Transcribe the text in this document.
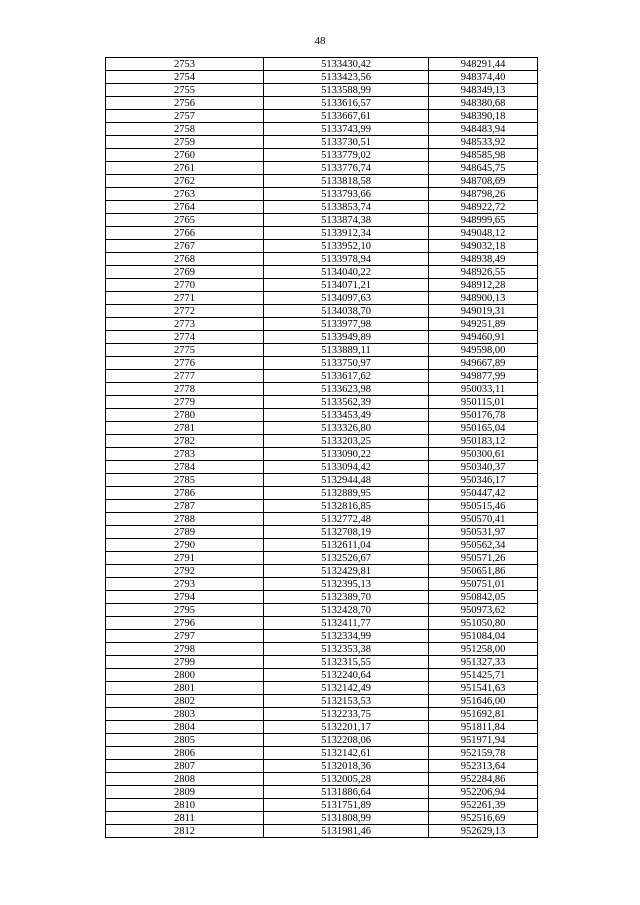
48
2753	5133430,42	948291,44
2754	5133423,56	948374,40
2755	5133588,99	948349,13
2756	5133616,57	948380,68
2757	5133667,61	948390,18
2758	5133743,99	948483,94
2759	5133730,51	948533,92
2760	5133779,02	948585,98
2761	5133776,74	948645,75
2762	5133818,58	948708,69
2763	5133793,66	948798,26
2764	5133853,74	948922,72
2765	5133874,38	948999,65
2766	5133912,34	949048,12
2767	5133952,10	949032,18
2768	5133978,94	948938,49
2769	5134040,22	948926,55
2770	5134071,21	948912,28
2771	5134097,63	948900,13
2772	5134038,70	949019,31
2773	5133977,98	949251,89
2774	5133949,89	949460,91
2775	5133889,11	949598,00
2776	5133750,97	949667,89
2777	5133617,62	949877,99
2778	5133623,98	950033,11
2779	5133562,39	950115,01
2780	5133453,49	950176,78
2781	5133326,80	950165,04
2782	5133203,25	950183,12
2783	5133090,22	950300,61
2784	5133094,42	950340,37
2785	5132944,48	950346,17
2786	5132889,95	950447,42
2787	5132816,85	950515,46
2788	5132772,48	950570,41
2789	5132708,19	950531,97
2790	5132611,04	950562,34
2791	5132526,67	950571,26
2792	5132429,81	950651,86
2793	5132395,13	950751,01
2794	5132389,70	950842,05
2795	5132428,70	950973,62
2796	5132411,77	951050,80
2797	5132334,99	951084,04
2798	5132353,38	951258,00
2799	5132315,55	951327,33
2800	5132240,64	951425,71
2801	5132142,49	951541,63
2802	5132153,53	951646,00
2803	5132233,75	951692,81
2804	5132201,17	951811,84
2805	5132208,06	951971,94
2806	5132142,61	952159,78
2807	5132018,36	952313,64
2808	5132005,28	952284,86
2809	5131886,64	952206,94
2810	5131751,89	952261,39
2811	5131808,99	952516,69
2812	5131981,46	952629,13
